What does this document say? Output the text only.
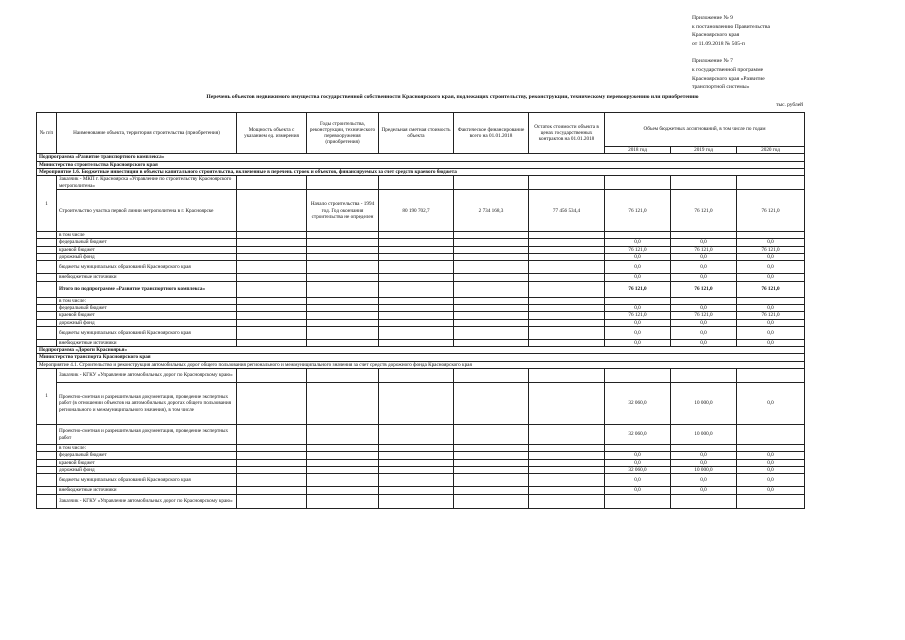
Приложение № 9
к постановлению Правительства
Красноярского края
от 11.09.2018 № 505-п
Приложение № 7
к государственной программе
Красноярского края «Развитие
транспортной системы»
Перечень объектов недвижимого имущества государственной собственности Красноярского края, подлежащих строительству, реконструкции, техническому перевооружению или приобретению
тыс. рублей
№ п/п	Наименование объекта, территория строительства (приобретения)	Мощность объекта с указанием ед. измерения	Годы строительства, реконструкции, технического перевооружения (приобретения)	Предельная сметная стоимость объекта	Фактическое финансирование всего на 01.01.2018	Остаток стоимости объекта в ценах государственных контрактов на 01.01.2018	Объем бюджетных ассигнований, в том числе по годам		
							2018 год	2019 год	2020 год
Подпрограмма «Развитие транспортного комплекса»									
Министерство строительства Красноярского края									
Мероприятие 1.6. Бюджетные инвестиции в объекты капитального строительства, включенные в перечень строек и объектов, финансируемых за счет средств краевого бюджета									
1	Заказчик - МКП г. Красноярска «Управление по строительству Красноярского метрополитена»								
	Строительство участка первой линии метрополитена в г. Красноярске		Начало строительства - 1994 год. Год окончания строительства не определен	80 190 702,7	2 734 168,3	77 456 534,4	76 121,0	76 121,0	76 121,0
	в том числе								
	федеральный бюджет						0,0	0,0	0,0
	краевой бюджет						76 121,0	76 121,0	76 121,0
	дорожный фонд						0,0	0,0	0,0
	бюджеты муниципальных образований Красноярского края						0,0	0,0	0,0
	внебюджетные источники						0,0	0,0	0,0
	Итого по подпрограмме «Развитие транспортного комплекса»						76 121,0	76 121,0	76 121,0
	в том числе:								
	федеральный бюджет						0,0	0,0	0,0
	краевой бюджет						76 121,0	76 121,0	76 121,0
	дорожный фонд						0,0	0,0	0,0
	бюджеты муниципальных образований Красноярского края						0,0	0,0	0,0
	внебюджетные источники						0,0	0,0	0,0
Подпрограмма «Дороги Красноярья»									
Министерство транспорта Красноярского края									
Мероприятие 4.1. Строительство и реконструкция автомобильных дорог общего пользования регионального и межмуниципального значения за счет средств дорожного фонда Красноярского края									
1	Заказчик - КГКУ «Управление автомобильных дорог по Красноярскому краю»								
	Проектно-сметная и разрешительная документация, проведение экспертных работ (в отношении объектов на автомобильных дорогах общего пользования регионального и межмуниципального значения), в том числе						32 060,0	10 000,0	0,0
	Проектно-сметная и разрешительная документация, проведение экспертных работ						32 060,0	10 000,0	
	в том числе:								
	федеральный бюджет						0,0	0,0	0,0
	краевой бюджет						0,0	0,0	0,0
	дорожный фонд						32 060,0	10 000,0	0,0
	бюджеты муниципальных образований Красноярского края						0,0	0,0	0,0
	внебюджетные источники						0,0	0,0	0,0
	Заказчик - КГКУ «Управление автомобильных дорог по Красноярскому краю»								
